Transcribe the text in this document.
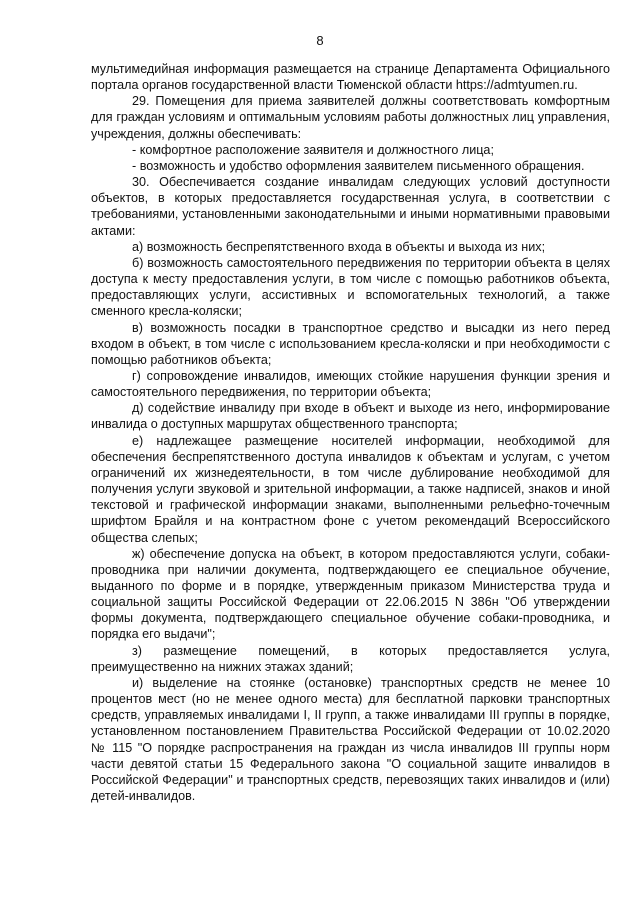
8

мультимедийная информация размещается на странице Департамента Официального портала органов государственной власти Тюменской области https://admtyumen.ru.

29. Помещения для приема заявителей должны соответствовать комфортным для граждан условиям и оптимальным условиям работы должностных лиц управления, учреждения, должны обеспечивать:

- комфортное расположение заявителя и должностного лица;

- возможность и удобство оформления заявителем письменного обращения.

30. Обеспечивается создание инвалидам следующих условий доступности объектов, в которых предоставляется государственная услуга, в соответствии с требованиями, установленными законодательными и иными нормативными правовыми актами:

а) возможность беспрепятственного входа в объекты и выхода из них;

б) возможность самостоятельного передвижения по территории объекта в целях доступа к месту предоставления услуги, в том числе с помощью работников объекта, предоставляющих услуги, ассистивных и вспомогательных технологий, а также сменного кресла-коляски;

в) возможность посадки в транспортное средство и высадки из него перед входом в объект, в том числе с использованием кресла-коляски и при необходимости с помощью работников объекта;

г) сопровождение инвалидов, имеющих стойкие нарушения функции зрения и самостоятельного передвижения, по территории объекта;

д) содействие инвалиду при входе в объект и выходе из него, информирование инвалида о доступных маршрутах общественного транспорта;

е) надлежащее размещение носителей информации, необходимой для обеспечения беспрепятственного доступа инвалидов к объектам и услугам, с учетом ограничений их жизнедеятельности, в том числе дублирование необходимой для получения услуги звуковой и зрительной информации, а также надписей, знаков и иной текстовой и графической информации знаками, выполненными рельефно-точечным шрифтом Брайля и на контрастном фоне с учетом рекомендаций Всероссийского общества слепых;

ж) обеспечение допуска на объект, в котором предоставляются услуги, собаки-проводника при наличии документа, подтверждающего ее специальное обучение, выданного по форме и в порядке, утвержденным приказом Министерства труда и социальной защиты Российской Федерации от 22.06.2015 N 386н "Об утверждении формы документа, подтверждающего специальное обучение собаки-проводника, и порядка его выдачи";

з) размещение помещений, в которых предоставляется услуга, преимущественно на нижних этажах зданий;

и) выделение на стоянке (остановке) транспортных средств не менее 10 процентов мест (но не менее одного места) для бесплатной парковки транспортных средств, управляемых инвалидами I, II групп, а также инвалидами III группы в порядке, установленном постановлением Правительства Российской Федерации от 10.02.2020 № 115 "О порядке распространения на граждан из числа инвалидов III группы норм части девятой статьи 15 Федерального закона "О социальной защите инвалидов в Российской Федерации" и транспортных средств, перевозящих таких инвалидов и (или) детей-инвалидов.
